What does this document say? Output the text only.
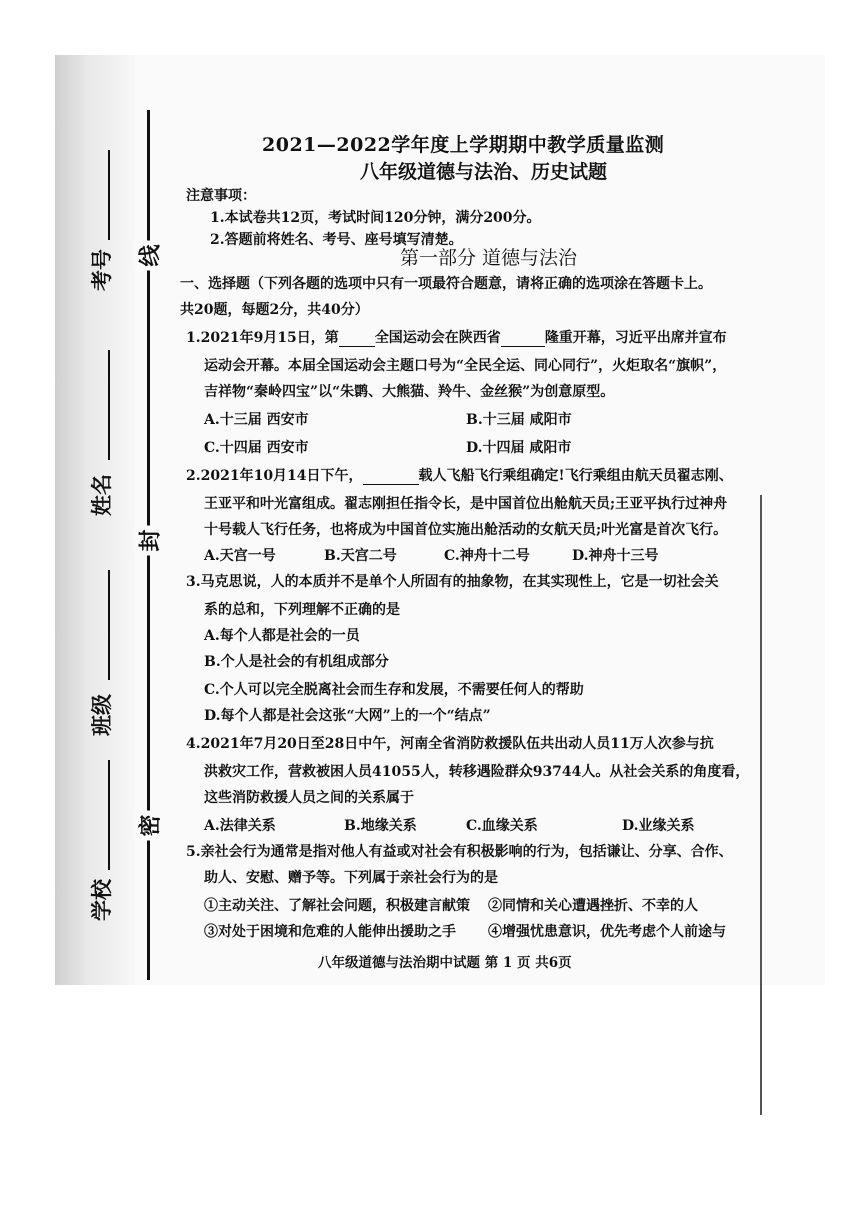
线
封
密
考号
姓名
班级
学校
2021—2022学年度上学期期中教学质量监测
八年级道德与法治、历史试题
注意事项：
1.本试卷共12页，考试时间120分钟，满分200分。
2.答题前将姓名、考号、座号填写清楚。
第一部分 道德与法治
一、选择题（下列各题的选项中只有一项最符合题意，请将正确的选项涂在答题卡上。
共20题，每题2分，共40分）
1.2021年9月15日，第	全国运动会在陕西省	隆重开幕，习近平出席并宣布
运动会开幕。本届全国运动会主题口号为“全民全运、同心同行”，火炬取名“旗帜”，
吉祥物“秦岭四宝”以“朱鹮、大熊猫、羚牛、金丝猴”为创意原型。
A.十三届 西安市	B.十三届 咸阳市
C.十四届 西安市	D.十四届 咸阳市
2.2021年10月14日下午，	载人飞船飞行乘组确定!飞行乘组由航天员翟志刚、
王亚平和叶光富组成。翟志刚担任指令长，是中国首位出舱航天员;王亚平执行过神舟
十号载人飞行任务，也将成为中国首位实施出舱活动的女航天员;叶光富是首次飞行。
A.天宫一号	B.天宫二号	C.神舟十二号	D.神舟十三号
3.马克思说，人的本质并不是单个人所固有的抽象物，在其实现性上，它是一切社会关
系的总和，下列理解不正确的是
A.每个人都是社会的一员
B.个人是社会的有机组成部分
C.个人可以完全脱离社会而生存和发展，不需要任何人的帮助
D.每个人都是社会这张“大网”上的一个“结点”
4.2021年7月20日至28日中午，河南全省消防救援队伍共出动人员11万人次参与抗
洪救灾工作，营救被困人员41055人，转移遇险群众93744人。从社会关系的角度看，
这些消防救援人员之间的关系属于
A.法律关系	B.地缘关系	C.血缘关系	D.业缘关系
5.亲社会行为通常是指对他人有益或对社会有积极影响的行为，包括谦让、分享、合作、
助人、安慰、赠予等。下列属于亲社会行为的是
①主动关注、了解社会问题，积极建言献策 ②同情和关心遭遇挫折、不幸的人
③对处于困境和危难的人能伸出援助之手 ④增强忧患意识，优先考虑个人前途与
八年级道德与法治期中试题 第 1 页 共6页
